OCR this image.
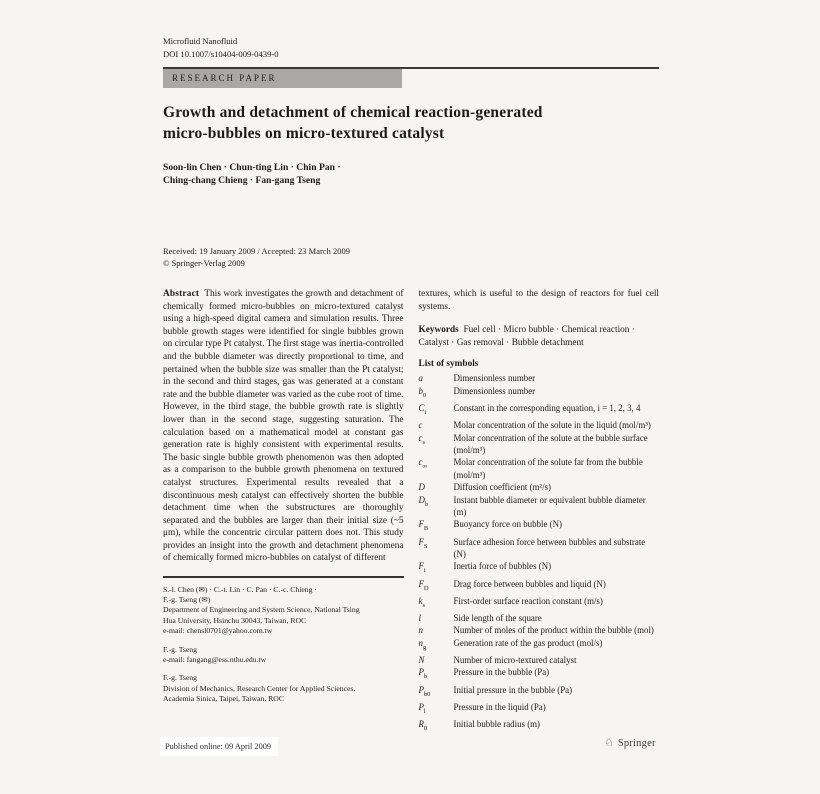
Microfluid Nanofluid
DOI 10.1007/s10404-009-0439-0
RESEARCH PAPER
Growth and detachment of chemical reaction-generated
micro-bubbles on micro-textured catalyst
Soon-lin Chen · Chun-ting Lin · Chin Pan ·
Ching-chang Chieng · Fan-gang Tseng
Received: 19 January 2009 / Accepted: 23 March 2009
© Springer-Verlag 2009

Abstract This work investigates the growth and detachment of chemically formed micro-bubbles on micro-textured catalyst using a high-speed digital camera and simulation results. Three bubble growth stages were identified for single bubbles grown on circular type Pt catalyst. The first stage was inertia-controlled and the bubble diameter was directly proportional to time, and pertained when the bubble size was smaller than the Pt catalyst; in the second and third stages, gas was generated at a constant rate and the bubble diameter was varied as the cube root of time. However, in the third stage, the bubble growth rate is slightly lower than in the second stage, suggesting saturation. The calculation based on a mathematical model at constant gas generation rate is highly consistent with experimental results. The basic single bubble growth phenomenon was then adopted as a comparison to the bubble growth phenomena on textured catalyst structures. Experimental results revealed that a discontinuous mesh catalyst can effectively shorten the bubble detachment time when the substructures are thoroughly separated and the bubbles are larger than their initial size (~5 μm), while the concentric circular pattern does not. This study provides an insight into the growth and detachment phenomena of chemically formed micro-bubbles on catalyst of different

S.-l. Chen (✉) · C.-t. Lin · C. Pan · C.-c. Chieng ·
F.-g. Tseng (✉)
Department of Engineering and System Science, National Tsing
Hua University, Hsinchu 30043, Taiwan, ROC
e-mail: chensl0701@yahoo.com.tw
F.-g. Tseng
e-mail: fangang@ess.nthu.edu.tw
F.-g. Tseng
Division of Mechanics, Research Center for Applied Sciences,
Academia Sinica, Taipei, Taiwan, ROC

textures, which is useful to the design of reactors for fuel cell systems.

Keywords Fuel cell · Micro bubble · Chemical reaction · Catalyst · Gas removal · Bubble detachment

List of symbols
a	Dimensionless number
$b_0$	Dimensionless number
$C_i$	Constant in the corresponding equation, i = 1, 2, 3, 4
c	Molar concentration of the solute in the liquid (mol/m³)
$c_s$	Molar concentration of the solute at the bubble surface (mol/m³)
$c_\infty$	Molar concentration of the solute far from the bubble (mol/m³)
D	Diffusion coefficient (m²/s)
$D_b$	Instant bubble diameter or equivalent bubble diameter (m)
$F_B$	Buoyancy force on bubble (N)
$F_S$	Surface adhesion force between bubbles and substrate (N)
$F_i$	Inertia force of bubbles (N)
$F_D$	Drag force between bubbles and liquid (N)
$k_s$	First-order surface reaction constant (m/s)
l	Side length of the square
n	Number of moles of the product within the bubble (mol)
$n_g$	Generation rate of the gas product (mol/s)
N	Number of micro-textured catalyst
$P_b$	Pressure in the bubble (Pa)
$P_{b0}$	Initial pressure in the bubble (Pa)
$P_l$	Pressure in the liquid (Pa)
$R_0$	Initial bubble radius (m)
Published online: 09 April 2009	♘ Springer
